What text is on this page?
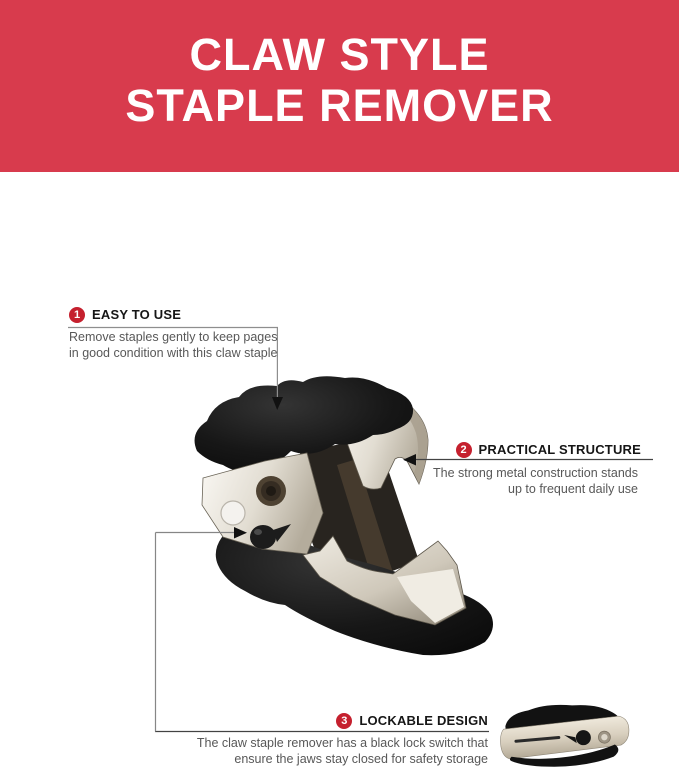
CLAW STYLE
STAPLE REMOVER
1 EASY TO USE

Remove staples gently to keep pages
in good condition with this claw staple

2 PRACTICAL STRUCTURE

The strong metal construction stands
up to frequent daily use

3 LOCKABLE DESIGN

The claw staple remover has a black lock switch that
ensure the jaws stay closed for safety storage
